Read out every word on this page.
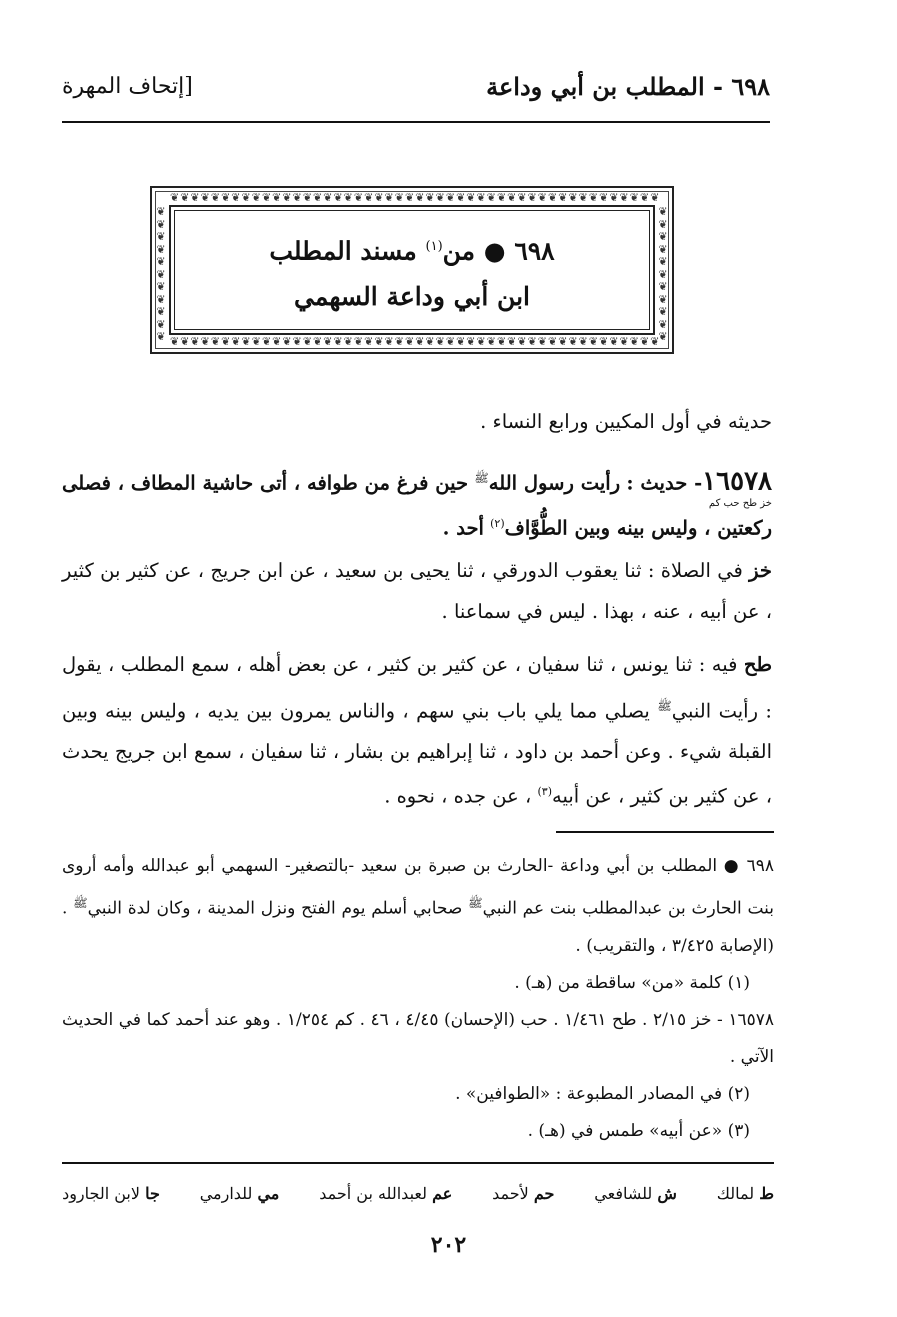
٦٩٨ - المطلب بن أبي وداعة
[إتحاف المهرة
❦❦❦❦❦❦❦❦❦❦❦❦❦❦❦❦❦❦❦❦❦❦❦❦❦❦❦❦❦❦❦❦❦❦❦❦❦❦❦❦❦❦❦❦❦❦❦❦
❦❦❦❦❦❦❦❦❦❦❦❦❦❦❦❦❦❦❦❦❦❦❦❦❦❦❦❦❦❦❦❦❦❦❦❦❦❦❦❦❦❦❦❦❦❦❦❦
❦❦❦❦❦❦❦❦❦❦❦
❦❦❦❦❦❦❦❦❦❦❦
٦٩٨ ● من$^{(١)}$ مسند المطلب
ابن أبي وداعة السهمي
حديثه في أول المكيين ورابع النساء .
١٦٥٧٨- حديث : رأيت رسول الله$^ﷺ$ حين فرغ من طوافه ، أتى حاشية المطاف ، فصلى ركعتين ، وليس بينه وبين الطُّوَّاف$^{(٢)}$ أحد .
خز طح حب كم
خز في الصلاة : ثنا يعقوب الدورقي ، ثنا يحيى بن سعيد ، عن ابن جريج ، عن كثير بن كثير ، عن أبيه ، عنه ، بهذا . ليس في سماعنا .
طح فيه : ثنا يونس ، ثنا سفيان ، عن كثير بن كثير ، عن بعض أهله ، سمع المطلب ، يقول : رأيت النبي$^ﷺ$ يصلي مما يلي باب بني سهم ، والناس يمرون بين يديه ، وليس بينه وبين القبلة شيء . وعن أحمد بن داود ، ثنا إبراهيم بن بشار ، ثنا سفيان ، سمع ابن جريج يحدث ، عن كثير بن كثير ، عن أبيه$^{(٣)}$ ، عن جده ، نحوه .

٦٩٨ ● المطلب بن أبي وداعة -الحارث بن صبرة بن سعيد -بالتصغير- السهمي أبو عبدالله وأمه أروى بنت الحارث بن عبدالمطلب بنت عم النبي$^ﷺ$ صحابي أسلم يوم الفتح ونزل المدينة ، وكان لدة النبي$^ﷺ$ . (الإصابة ٣/٤٢٥ ، والتقريب) .

(١) كلمة «من» ساقطة من (هـ) .

١٦٥٧٨ - خز ٢/١٥ . طح ١/٤٦١ . حب (الإحسان) ٤/٤٥ ، ٤٦ . كم ١/٢٥٤ . وهو عند أحمد كما في الحديث الآتي .

(٢) في المصادر المطبوعة : «الطوافين» .

(٣) «عن أبيه» طمس في (هـ) .

ط لمالك
ش للشافعي
حم لأحمد
عم لعبدالله بن أحمد
مي للدارمي
جا لابن الجارود
٢٠٢
